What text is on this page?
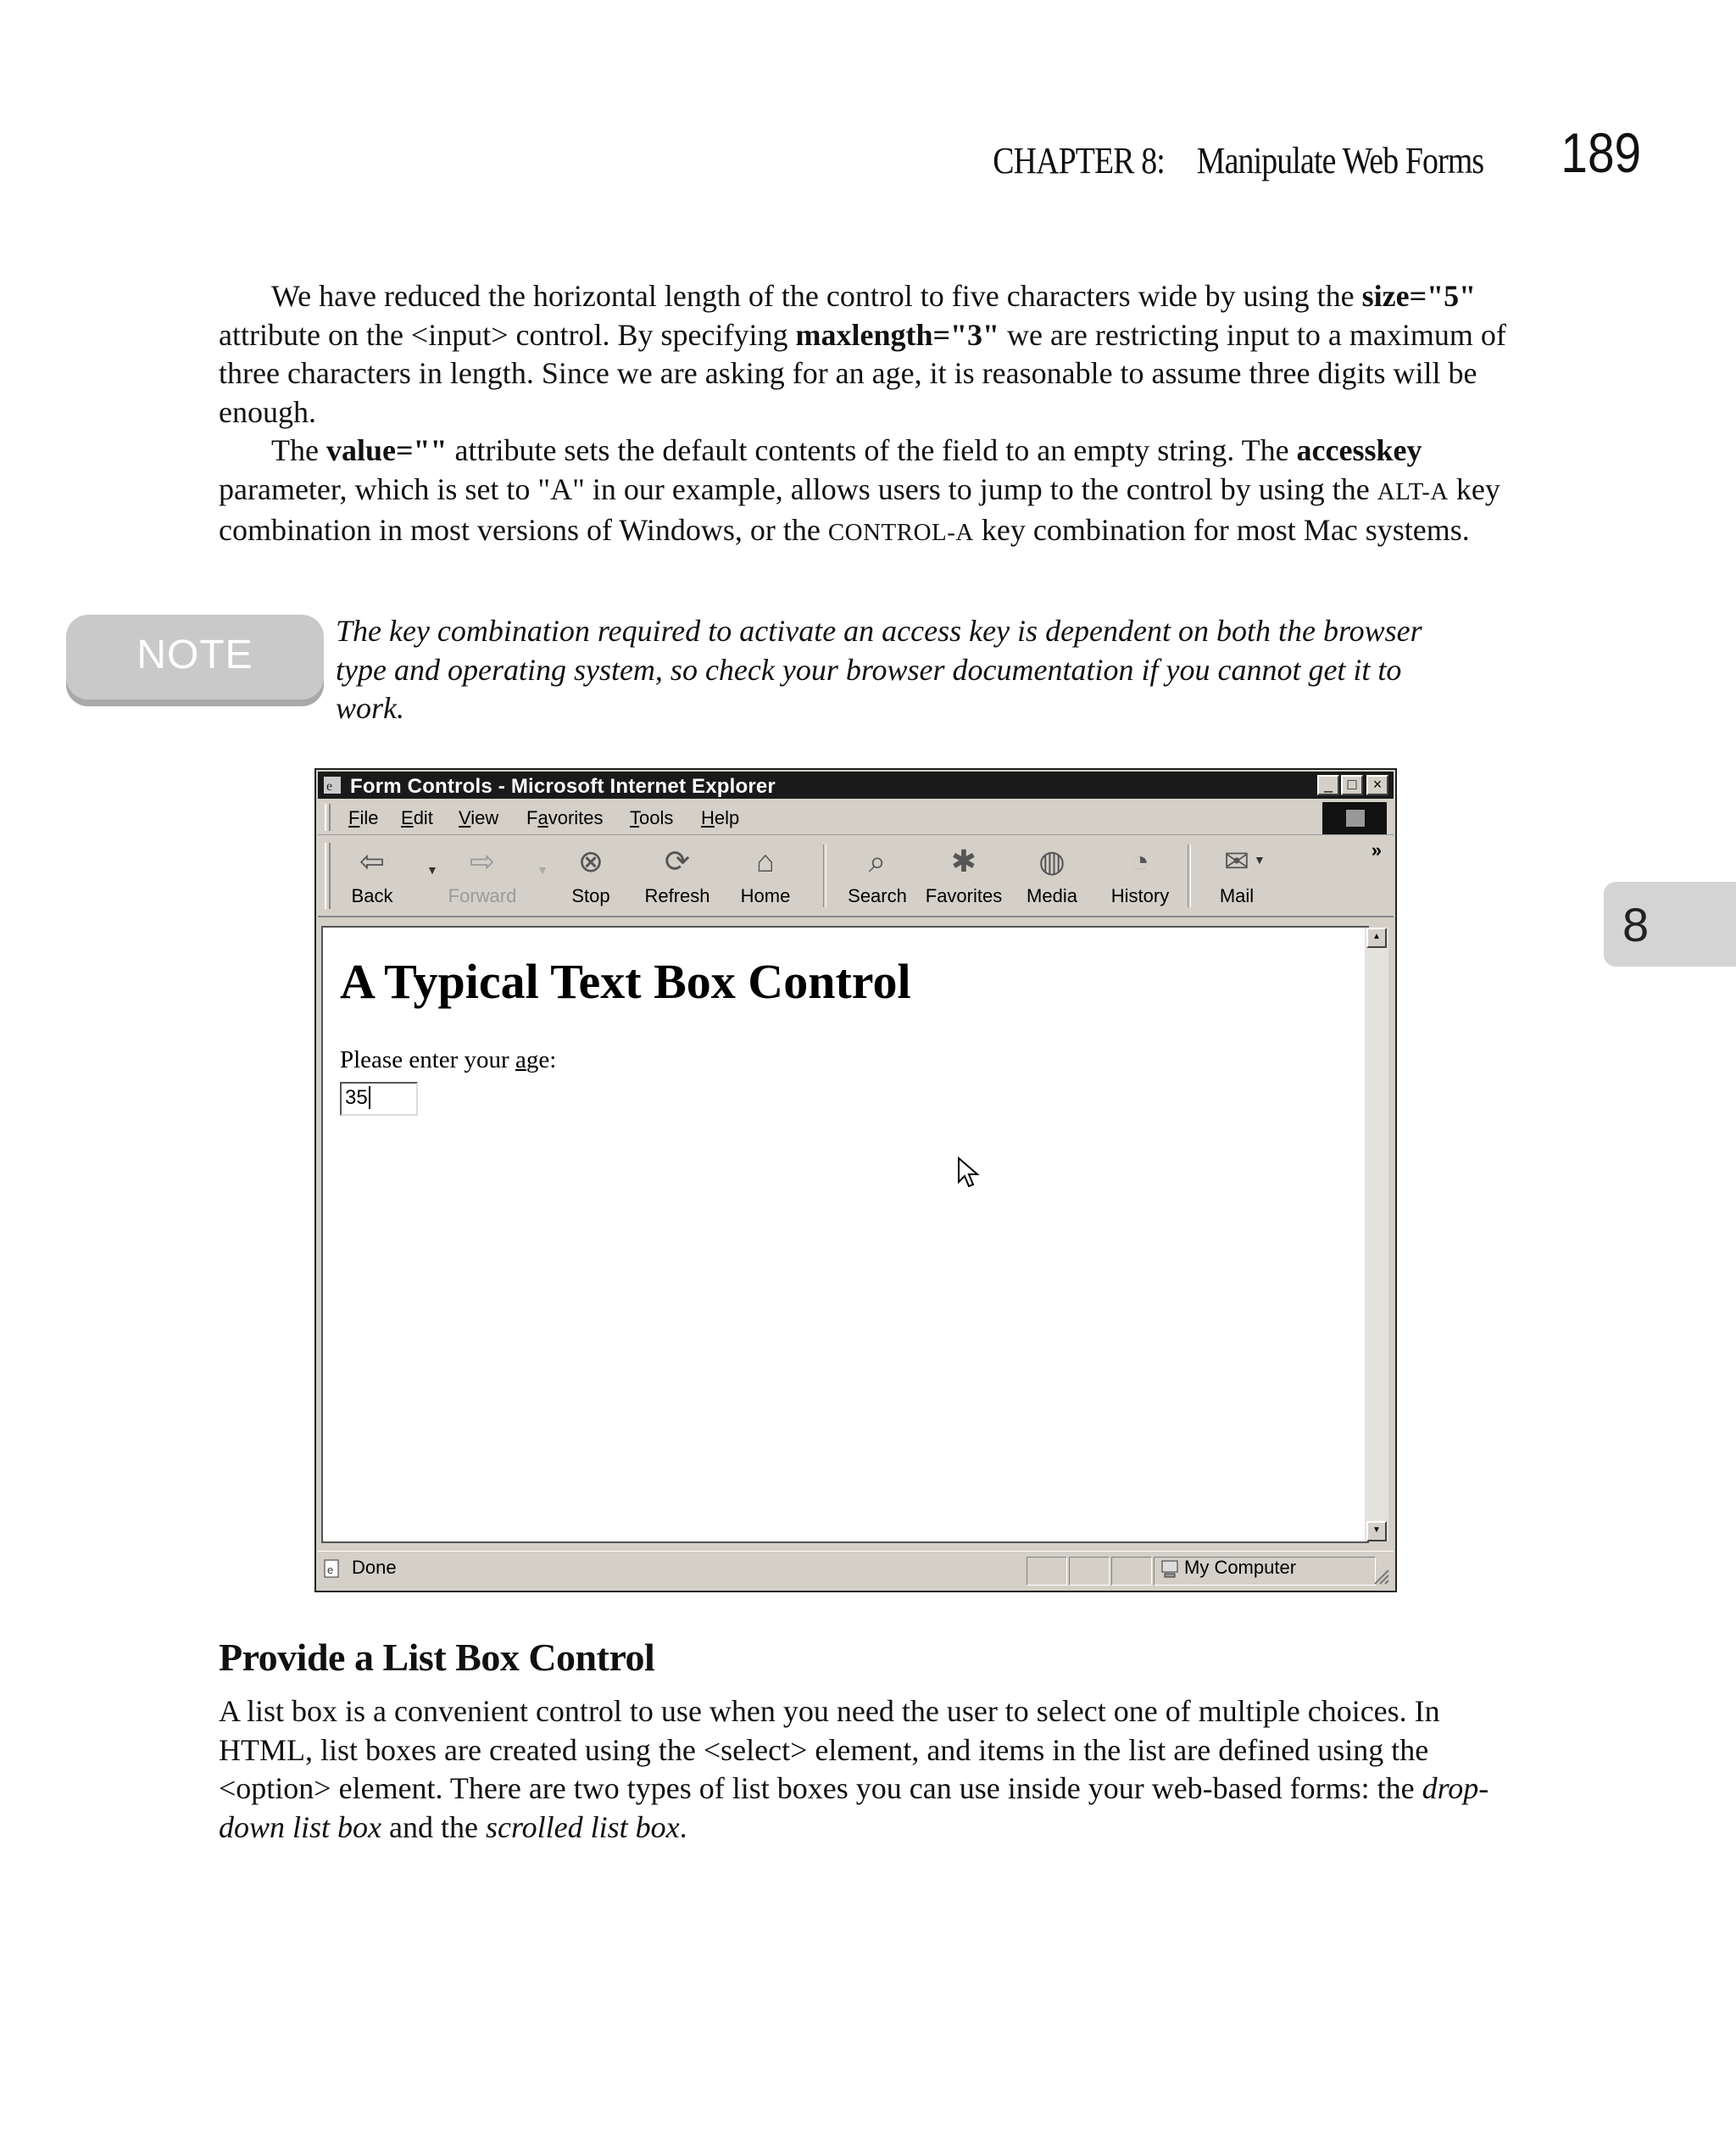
CHAPTER 8: Manipulate Web Forms 189

We have reduced the horizontal length of the control to five characters wide by using the size="5" attribute on the <input> control. By specifying maxlength="3" we are restricting input to a maximum of three characters in length. Since we are asking for an age, it is reasonable to assume three digits will be enough.

The value="" attribute sets the default contents of the field to an empty string. The accesskey parameter, which is set to "A" in our example, allows users to jump to the control by using the ALT-A key combination in most versions of Windows, or the CONTROL-A key combination for most Mac systems.

NOTE
The key combination required to activate an access key is dependent on both the browser type and operating system, so check your browser documentation if you cannot get it to work.
e Form Controls - Microsoft Internet Explorer	_ □	×
File Edit View Favorites Tools Help
⇦
Back
▼ ⇨
Forward
▼ ⊗
Stop
⟳
Refresh
⌂
Home
⌕
Search
✱
Favorites
◍
Media
◔
History
✉
Mail
▼	»
A Typical Text Box Control
Please enter your age:
35
▲
▼
e Done	My Computer
8
Provide a List Box Control

A list box is a convenient control to use when you need the user to select one of multiple choices. In HTML, list boxes are created using the <select> element, and items in the list are defined using the <option> element. There are two types of list boxes you can use inside your web-based forms: the drop-down list box and the scrolled list box.
